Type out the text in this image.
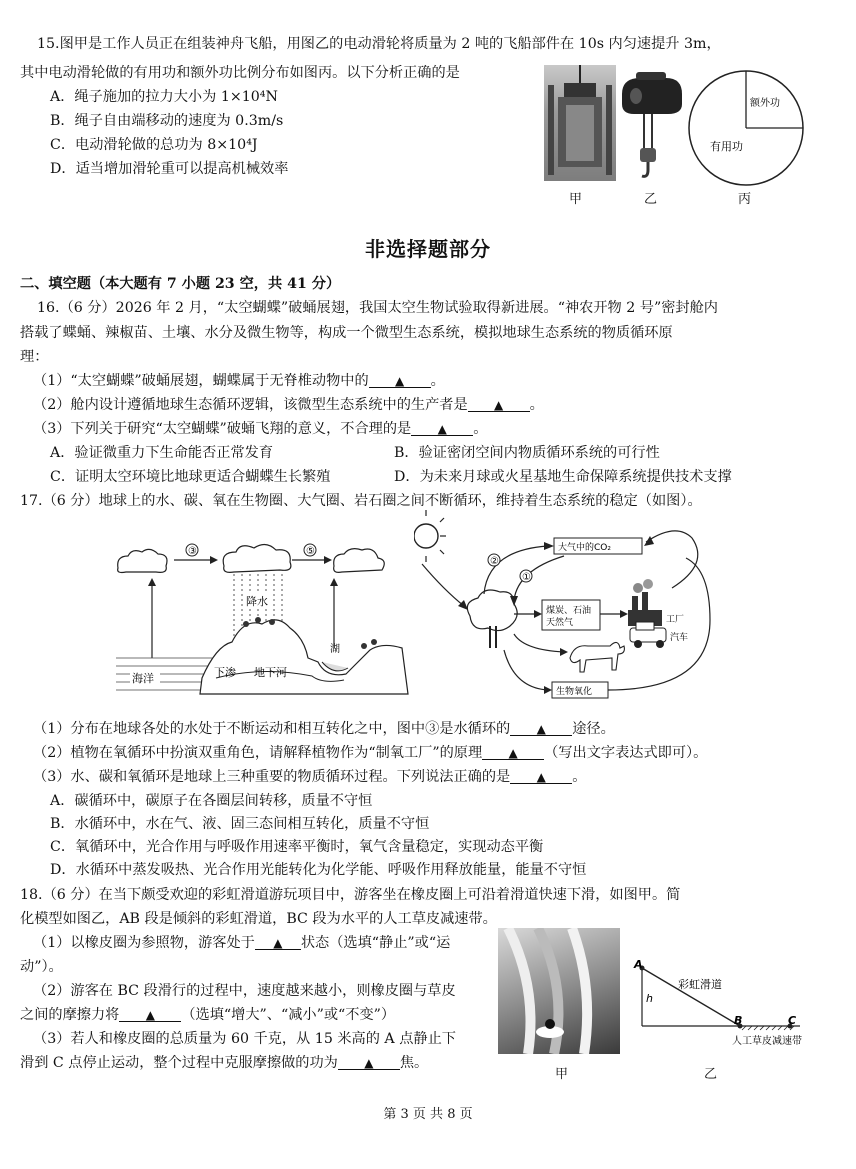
15.图甲是工作人员正在组装神舟飞船，用图乙的电动滑轮将质量为 2 吨的飞船部件在 10s 内匀速提升 3m，
其中电动滑轮做的有用功和额外功比例分布如图丙。以下分析正确的是
A．绳子施加的拉力大小为 1×10⁴N
B．绳子自由端移动的速度为 0.3m/s
C．电动滑轮做的总功为 8×10⁴J
D．适当增加滑轮重可以提高机械效率
甲	乙
额外功
有用功
丙
非选择题部分
二、填空题（本大题有 7 小题 23 空，共 41 分）
16.（6 分）2026 年 2 月，“太空蝴蝶”破蛹展翅，我国太空生物试验取得新进展。“神农开物 2 号”密封舱内
搭载了蝶蛹、辣椒苗、土壤、水分及微生物等，构成一个微型生态系统，模拟地球生态系统的物质循环原
理：
（1）“太空蝴蝶”破蛹展翅，蝴蝶属于无脊椎动物中的 ▲ 。
（2）舱内设计遵循地球生态循环逻辑，该微型生态系统中的生产者是 ▲ 。
（3）下列关于研究“太空蝴蝶”破蛹飞翔的意义，不合理的是 ▲ 。
A．验证微重力下生命能否正常发育	B．验证密闭空间内物质循环系统的可行性
C．证明太空环境比地球更适合蝴蝶生长繁殖	D．为未来月球或火星基地生命保障系统提供技术支撑
17.（6 分）地球上的水、碳、氧在生物圈、大气圈、岩石圈之间不断循环，维持着生态系统的稳定（如图）。
降水
③	⑤
海洋	下渗 地下河
湖
大气中的CO₂
②
①
煤炭、石油
天然气	工厂
汽车
生物氧化
（1）分布在地球各处的水处于不断运动和相互转化之中，图中③是水循环的 ▲ 途径。
（2）植物在氧循环中扮演双重角色，请解释植物作为“制氧工厂”的原理 ▲ （写出文字表达式即可）。
（3）水、碳和氧循环是地球上三种重要的物质循环过程。下列说法正确的是 ▲ 。
A．碳循环中，碳原子在各圈层间转移，质量不守恒
B．水循环中，水在气、液、固三态间相互转化，质量不守恒
C．氧循环中，光合作用与呼吸作用速率平衡时，氧气含量稳定，实现动态平衡
D．水循环中蒸发吸热、光合作用光能转化为化学能、呼吸作用释放能量，能量不守恒
18.（6 分）在当下颇受欢迎的彩虹滑道游玩项目中，游客坐在橡皮圈上可沿着滑道快速下滑，如图甲。简
化模型如图乙，AB 段是倾斜的彩虹滑道，BC 段为水平的人工草皮减速带。
（1）以橡皮圈为参照物，游客处于 ▲ 状态（选填“静止”或“运
动”）。
（2）游客在 BC 段滑行的过程中，速度越来越小，则橡皮圈与草皮
之间的摩擦力将 ▲ （选填“增大”、“减小”或“不变”）
（3）若人和橡皮圈的总质量为 60 千克，从 15 米高的 A 点静止下
滑到 C 点停止运动，整个过程中克服摩擦做的功为 ▲ 焦。
甲
A
B	C
h
彩虹滑道
人工草皮减速带
乙
第 3 页 共 8 页
